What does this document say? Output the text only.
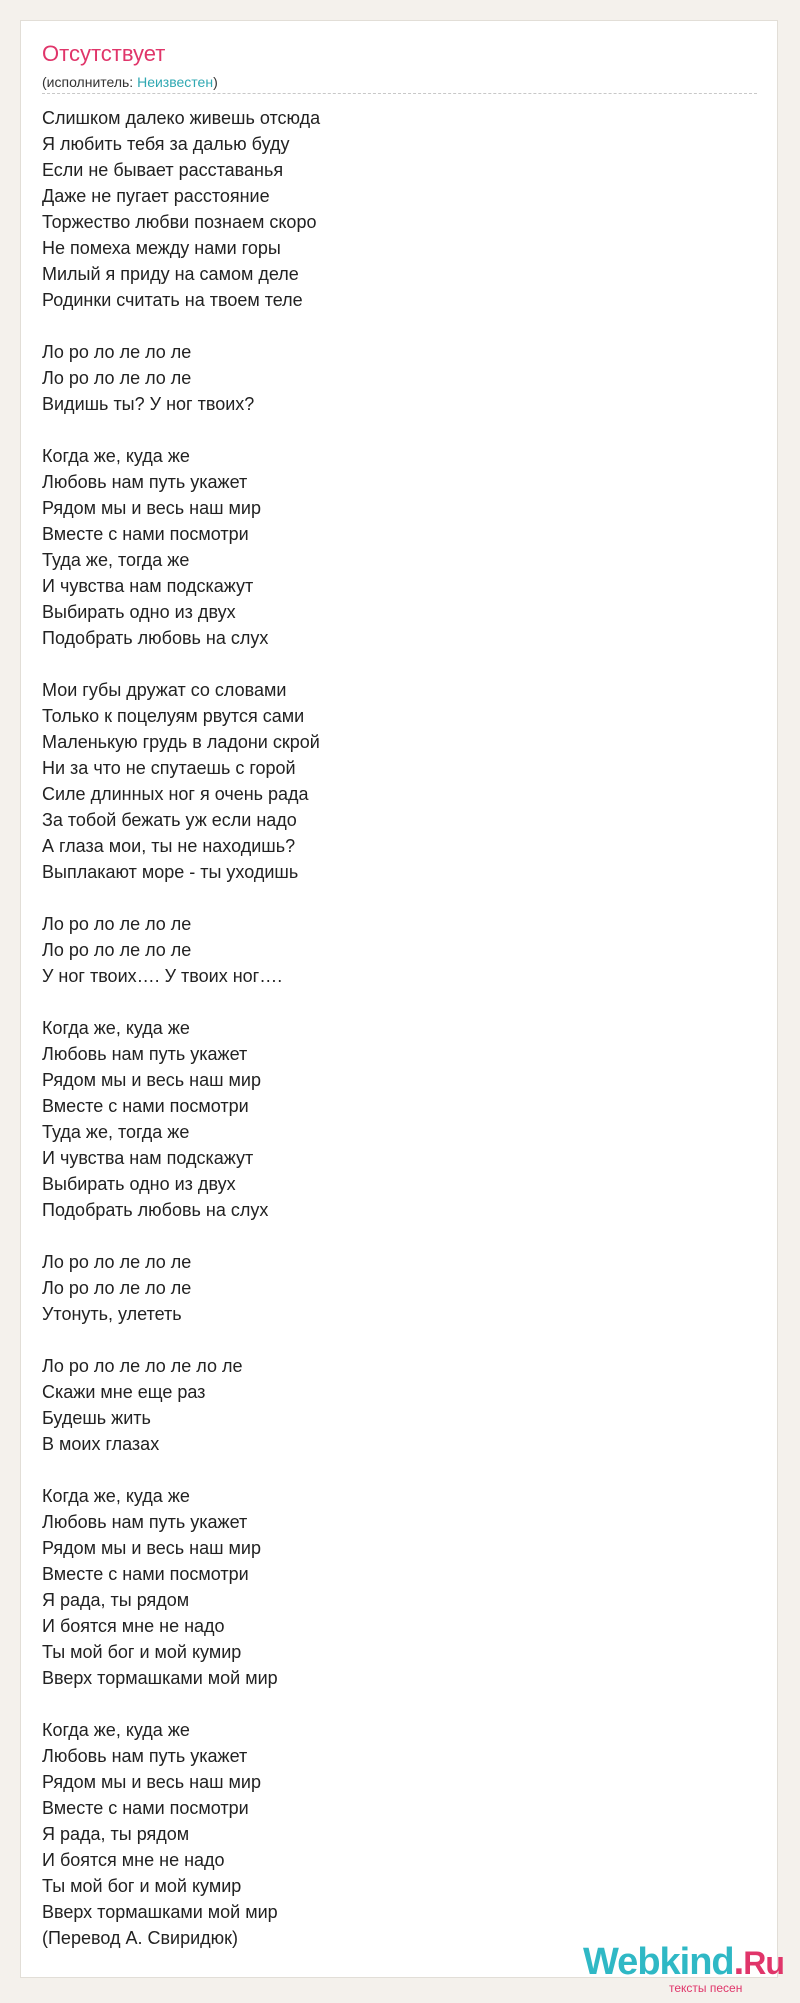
Отсутствует
(исполнитель: Неизвестен)
Слишком далеко живешь отсюда
Я любить тебя за далью буду
Если не бывает расставанья
Даже не пугает расстояние
Торжество любви познаем скоро
Не помеха между нами горы
Милый я приду на самом деле
Родинки считать на твоем теле

Ло ро ло ле ло ле
Ло ро ло ле ло ле
Видишь ты? У ног твоих?

Когда же, куда же
Любовь нам путь укажет
Рядом мы и весь наш мир
Вместе с нами посмотри
Туда же, тогда же
И чувства нам подскажут
Выбирать одно из двух
Подобрать любовь на слух

Мои губы дружат со словами
Только к поцелуям рвутся сами
Маленькую грудь в ладони скрой
Ни за что не спутаешь с горой
Силе длинных ног я очень рада
За тобой бежать уж если надо
А глаза мои, ты не находишь?
Выплакают море - ты уходишь

Ло ро ло ле ло ле
Ло ро ло ле ло ле
У ног твоих…. У твоих ног….

Когда же, куда же
Любовь нам путь укажет
Рядом мы и весь наш мир
Вместе с нами посмотри
Туда же, тогда же
И чувства нам подскажут
Выбирать одно из двух
Подобрать любовь на слух

Ло ро ло ле ло ле
Ло ро ло ле ло ле
Утонуть, улететь

Ло ро ло ле ло ле ло ле
Скажи мне еще раз
Будешь жить
В моих глазах

Когда же, куда же
Любовь нам путь укажет
Рядом мы и весь наш мир
Вместе с нами посмотри
Я рада, ты рядом
И боятся мне не надо
Ты мой бог и мой кумир
Вверх тормашками мой мир

Когда же, куда же
Любовь нам путь укажет
Рядом мы и весь наш мир
Вместе с нами посмотри
Я рада, ты рядом
И боятся мне не надо
Ты мой бог и мой кумир
Вверх тормашками мой мир
(Перевод А. Свиридюк)
Webkind.Ru
тексты песен
